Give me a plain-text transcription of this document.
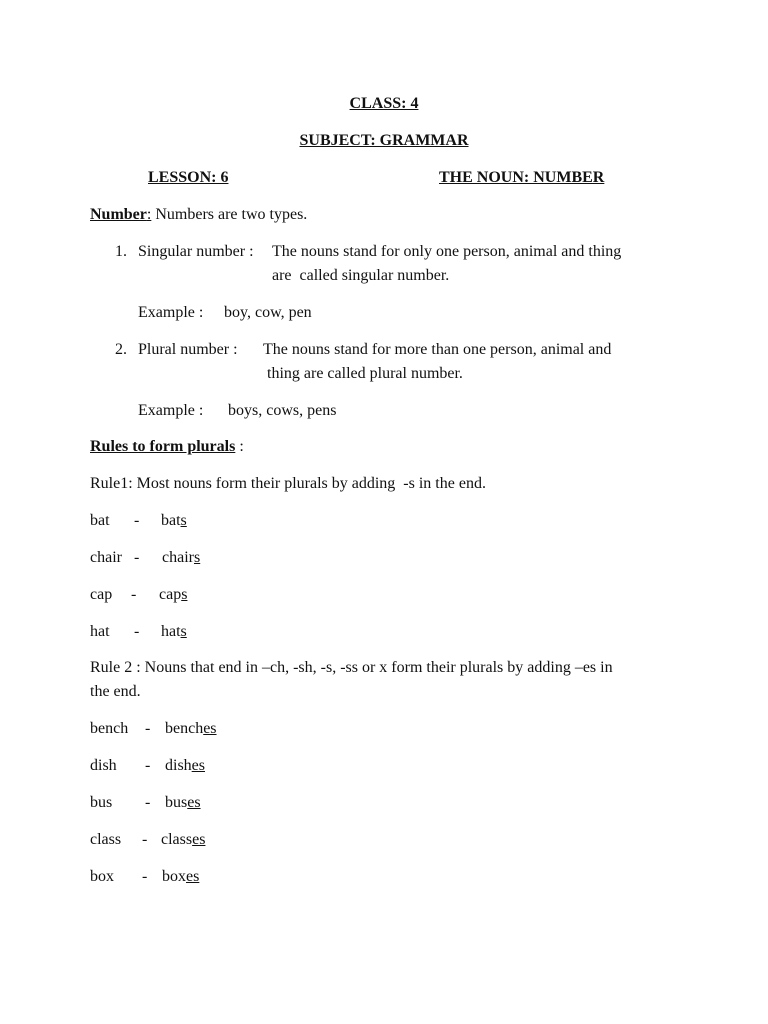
CLASS: 4
SUBJECT: GRAMMAR
LESSON: 6	THE NOUN: NUMBER
Number: Numbers are two types.
1. Singular number : The nouns stand for only one person, animal and thing
are  called singular number.
Example : boy, cow, pen
2. Plural number : The nouns stand for more than one person, animal and
thing are called plural number.
Example : boys, cows, pens
Rules to form plurals :
Rule1: Most nouns form their plurals by adding  -s in the end.
bat - bats
chair - chairs
cap - caps
hat - hats
Rule 2 : Nouns that end in –ch, -sh, -s, -ss or x form their plurals by adding –es in
the end.
bench - benches
dish - dishes
bus - buses
class - classes
box - boxes
